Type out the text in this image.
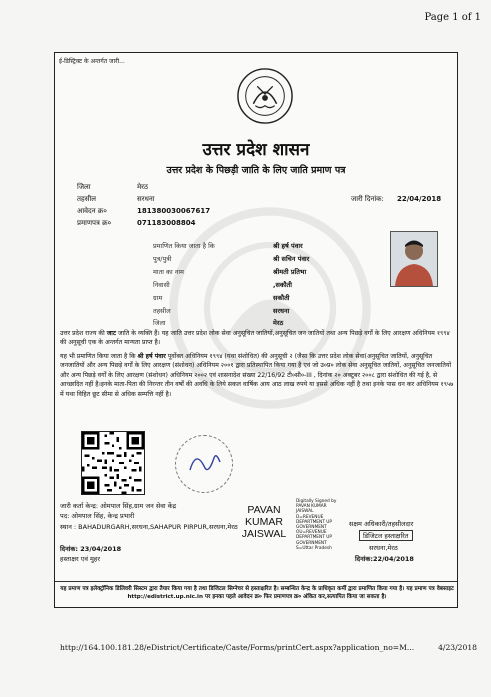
Page 1 of 1
ई-डिस्ट्रिक्ट के अन्तर्गत जारी...
उत्तर प्रदेश शासन
उत्तर प्रदेश के पिछड़ी जाति के लिए जाति प्रमाण पत्र
जिला	मेरठ
तहसील	सरधना	जारी दिनांक: 22/04/2018
आवेदन क्र०	181380030067617
प्रमाणपत्र क्र०	071183008804
प्रमाणित किया जाता है कि	श्री हर्ष पंवार
पुत्र/पुत्री	श्री सचिन पंवार
माता का नाम	श्रीमती प्रतिभा
निवासी	,सकौती
ग्राम	सकौती
तहसील	सरधना
जिला	मेरठ
उत्तर प्रदेश राज्य की जाट जाति के व्यक्ति हैं। यह जाति उत्तर प्रदेश लोक सेवा अनुसूचित जातियों,अनुसूचित जन जातियों तथा अन्य पिछड़े वर्गों के लिए आरक्षण अधिनियम १९९४ की अनुसूची एक के अन्तर्गत मान्यता प्राप्त है।
यह भी प्रमाणित किया जाता है कि श्री हर्ष पंवार पूर्वोक्त अधिनियम १९९४ (यथा संशोधित) की अनुसूची २ (जैसा कि उत्तर प्रदेश लोक सेवा(अनुसूचित जातियों, अनुसूचित जनजातियों और अन्य पिछड़े वर्गों के लिए आरक्षण (संशोधन) अधिनियम २००१ द्वारा प्रतिस्थापित किया गया है एवं जो उ०प्र० लोक सेवा अनुसूचित जातियों, अनुसूचित जनजातियों और अन्य पिछड़े वर्गों के लिए आरक्षण (संशोधन) अधिनियम २००२ एवं शासनादेश संख्या 22/16/92 टी०सी०-III , दिनांक २० अक्टूबर २००८ द्वारा संशोधित की गई है, से आच्छादित नहीं है।इनके माता-पिता की निरन्तर तीन वर्षों की अवधि के लिये सकल वार्षिक आय आठ लाख रुपये या इससे अधिक नहीं है तथा इनके पास धन कर अधिनियम १९५७ में यथा विहित छूट सीमा से अधिक सम्पत्ति नहीं है।
जारी कर्ता केन्द्र: ओमपाल सिंह,ग्राम जन सेवा केंद्र
पद: ओमपाल सिंह, केन्द्र प्रभारी
स्थान : BAHADURGARH,सरधना,SAHAPUR PIRPUR,सरधना,मेरठ
दिनांक: 23/04/2018
हस्ताक्षर एवं मुहर
PAVAN
KUMAR
JAISWAL
Digitally Signed by
PAVAN KUMAR
JAISWAL
D=REVENUE
DEPARTMENT UP
GOVERNMENT
OU=REVENUE
DEPARTMENT UP
GOVERNMENT
S=Uttar Pradesh
सक्षम अधिकारी/तहसीलदार
डिजिटल हस्ताक्षरित
सरधना,मेरठ
दिनांक:22/04/2018
यह प्रमाण पत्र इलेक्ट्रॉनिक डिलिवरी सिस्टम द्वारा तैयार किया गया है तथा डिजिटल सिग्नेचर से हस्ताक्षरित है। सम्बन्धित केन्द्र के प्राधिकृत कर्मी द्वारा प्रमाणित किया गया है। यह प्रमाण पत्र वेबसाइट http://edistrict.up.nic.in पर इनका पहले आवेदन क्र० फिर प्रमाणपत्र क्र० अंकित कर,सत्यापित किया जा सकता है।
http://164.100.181.28/eDistrict/Certificate/Caste/Forms/printCert.aspx?application_no=M...	4/23/2018
